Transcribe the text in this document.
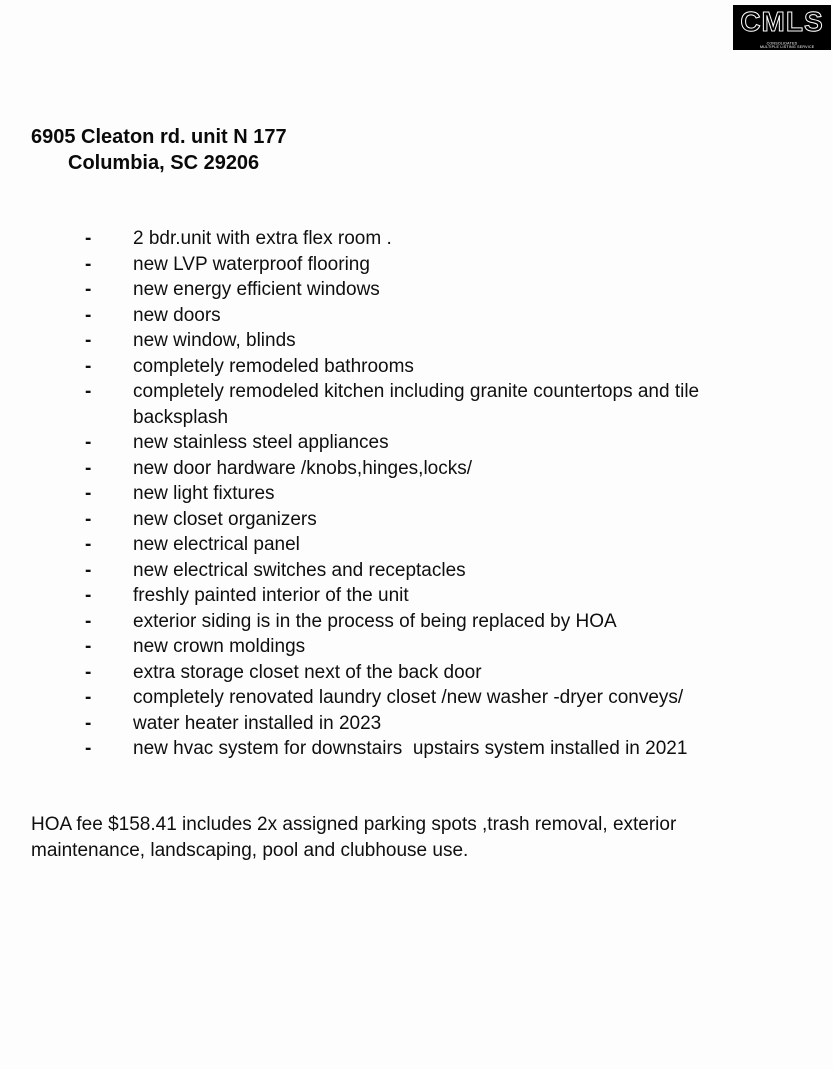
CMLS
CONSOLIDATED
MULTIPLE LISTING SERVICE
6905 Cleaton rd. unit N 177
Columbia, SC 29206
-	2 bdr.unit with extra flex room .
-	new LVP waterproof flooring
-	new energy efficient windows
-	new doors
-	new window, blinds
-	completely remodeled bathrooms
-	completely remodeled kitchen including granite countertops and tile backsplash
-	new stainless steel appliances
-	new door hardware /knobs,hinges,locks/
-	new light fixtures
-	new closet organizers
-	new electrical panel
-	new electrical switches and receptacles
-	freshly painted interior of the unit
-	exterior siding is in the process of being replaced by HOA
-	new crown moldings
-	extra storage closet next of the back door
-	completely renovated laundry closet /new washer -dryer conveys/
-	water heater installed in 2023
-	new hvac system for downstairs  upstairs system installed in 2021
HOA fee $158.41 includes 2x assigned parking spots ,trash removal, exterior maintenance, landscaping, pool and clubhouse use.
